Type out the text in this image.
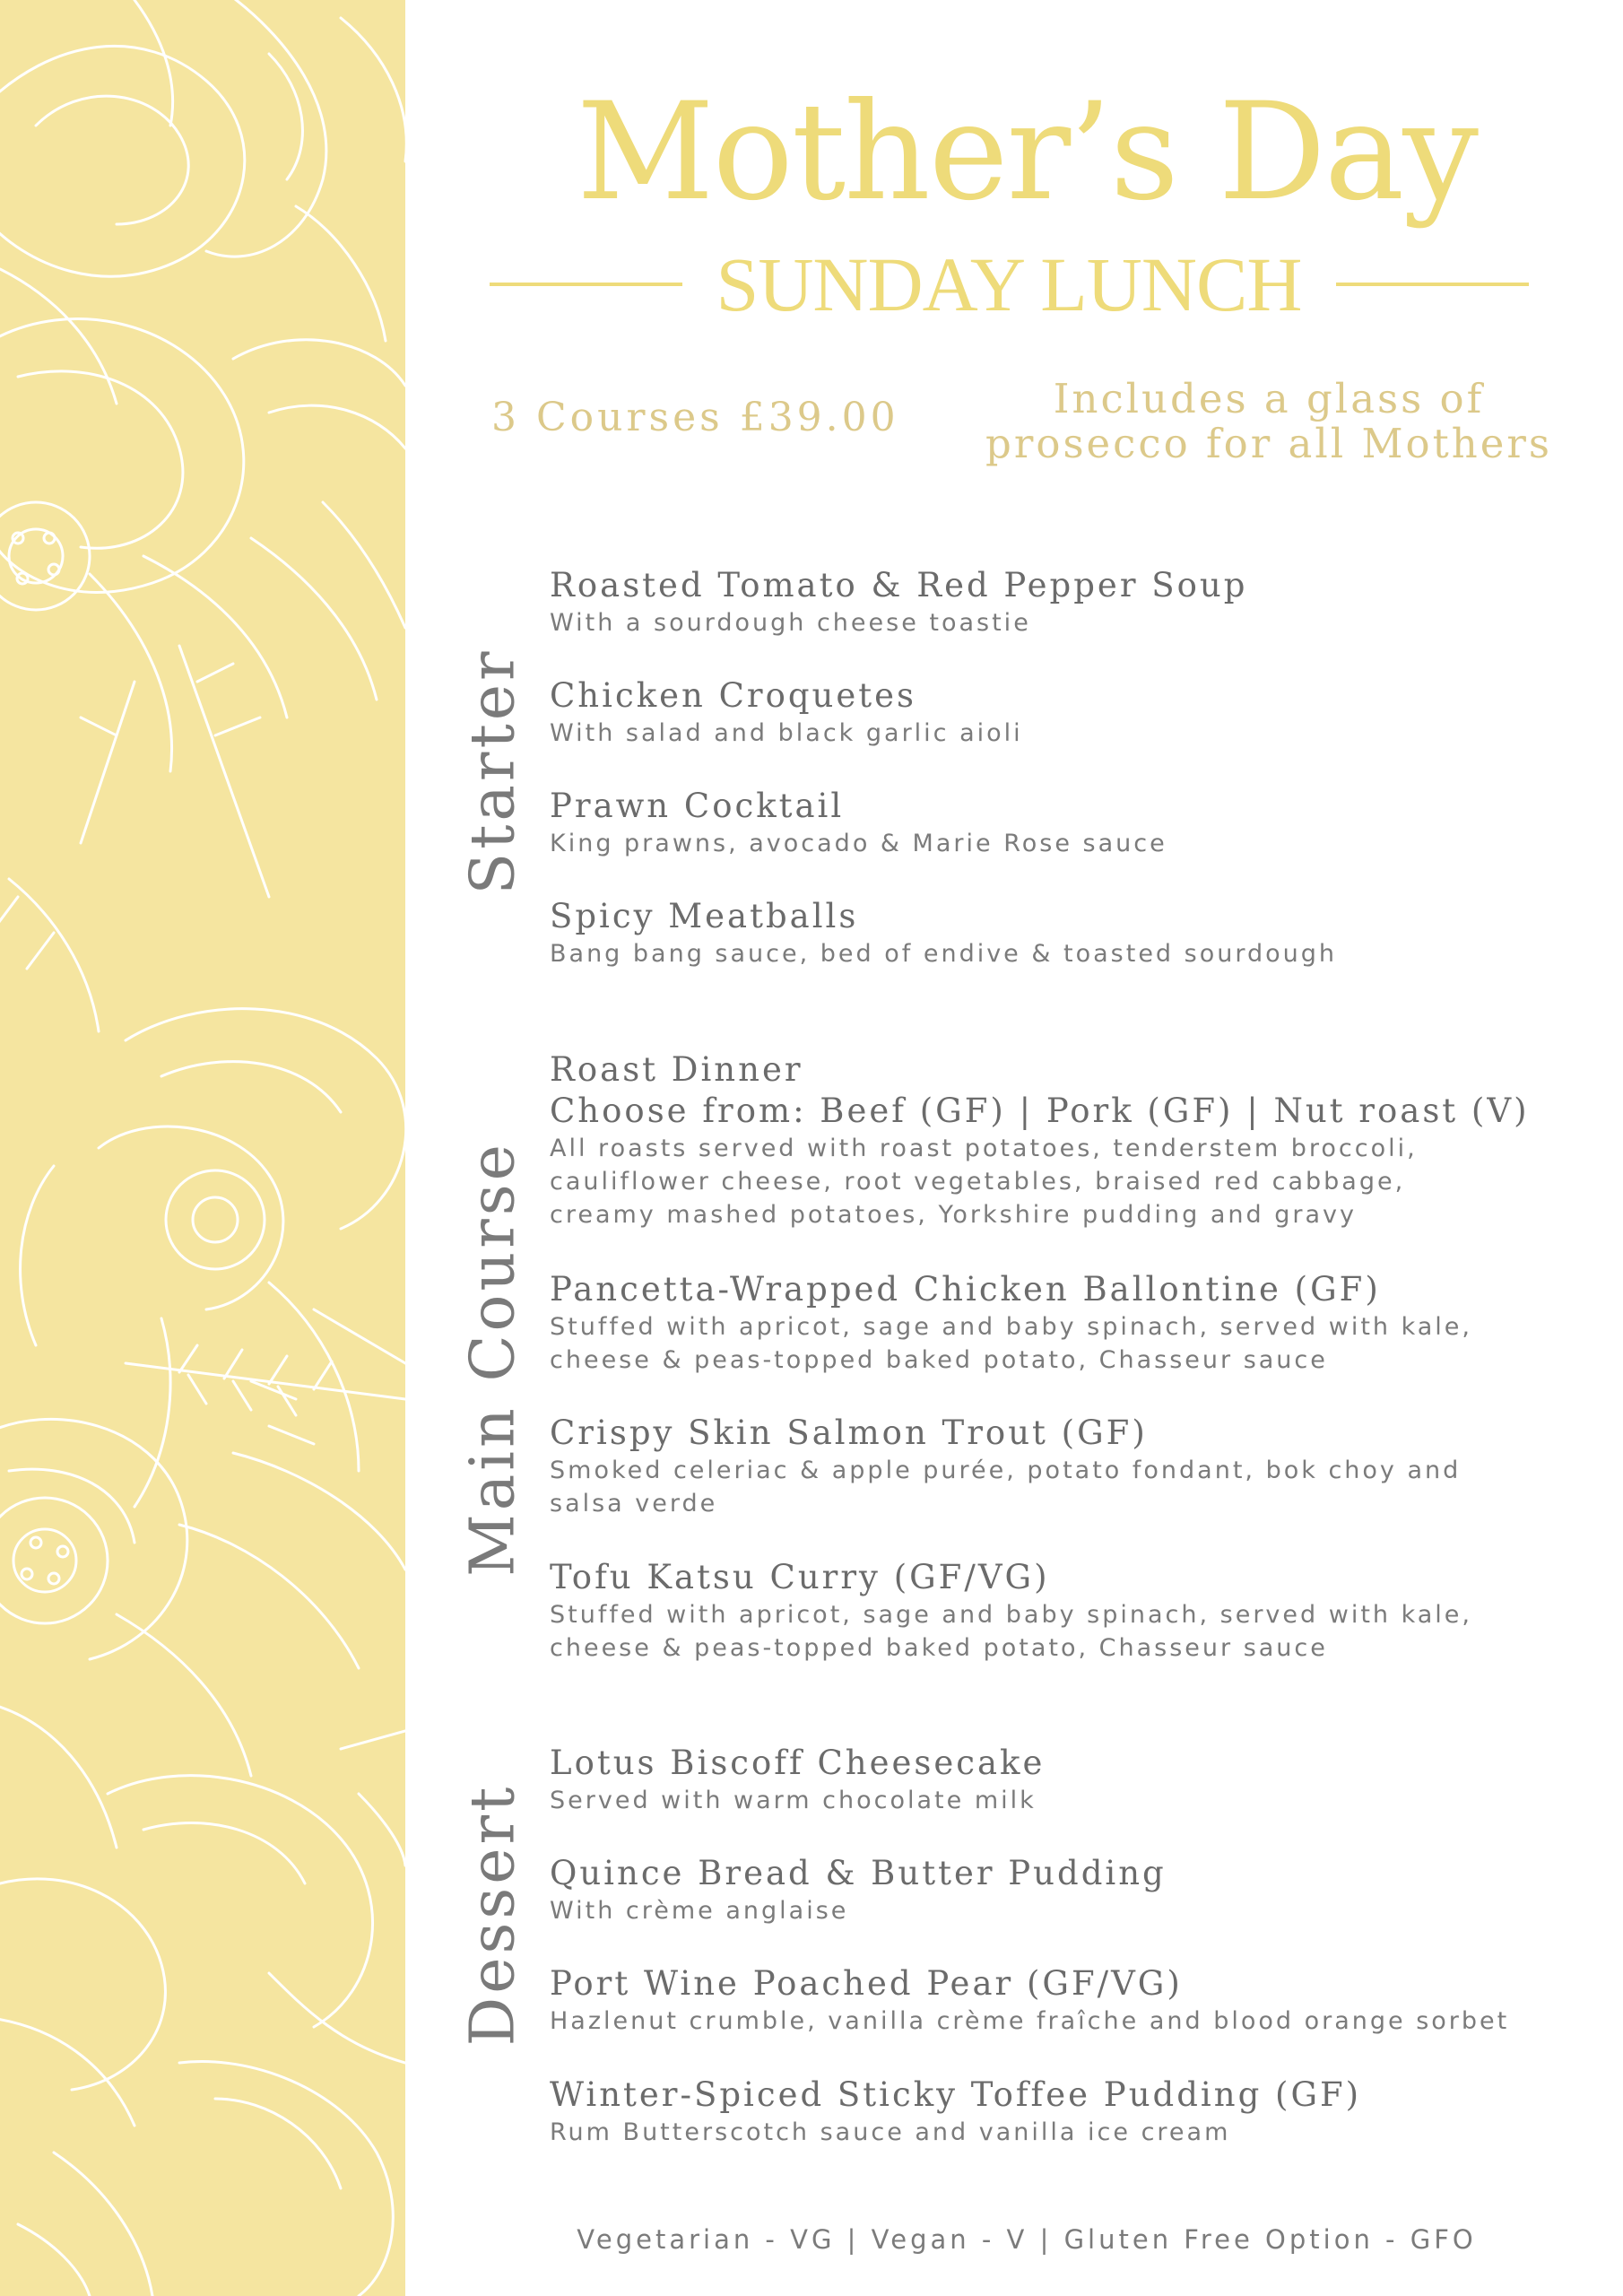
Mother’s Day
SUNDAY LUNCH
3 Courses £39.00	Includes a glass of
prosecco for all Mothers
Starter
Main Course
Dessert
Roasted Tomato & Red Pepper Soup
With a sourdough cheese toastie
Chicken Croquetes
With salad and black garlic aioli
Prawn Cocktail
King prawns, avocado & Marie Rose sauce
Spicy Meatballs
Bang bang sauce, bed of endive & toasted sourdough
Roast Dinner
Choose from: Beef (GF) | Pork (GF) | Nut roast (V)
All roasts served with roast potatoes, tenderstem broccoli,
cauliflower cheese, root vegetables, braised red cabbage,
creamy mashed potatoes, Yorkshire pudding and gravy
Pancetta-Wrapped Chicken Ballontine (GF)
Stuffed with apricot, sage and baby spinach, served with kale,
cheese & peas-topped baked potato, Chasseur sauce
Crispy Skin Salmon Trout (GF)
Smoked celeriac & apple purée, potato fondant, bok choy and
salsa verde
Tofu Katsu Curry (GF/VG)
Stuffed with apricot, sage and baby spinach, served with kale,
cheese & peas-topped baked potato, Chasseur sauce
Lotus Biscoff Cheesecake
Served with warm chocolate milk
Quince Bread & Butter Pudding
With crème anglaise
Port Wine Poached Pear (GF/VG)
Hazlenut crumble, vanilla crème fraîche and blood orange sorbet
Winter-Spiced Sticky Toffee Pudding (GF)
Rum Butterscotch sauce and vanilla ice cream
Vegetarian - VG | Vegan - V | Gluten Free Option - GFO
